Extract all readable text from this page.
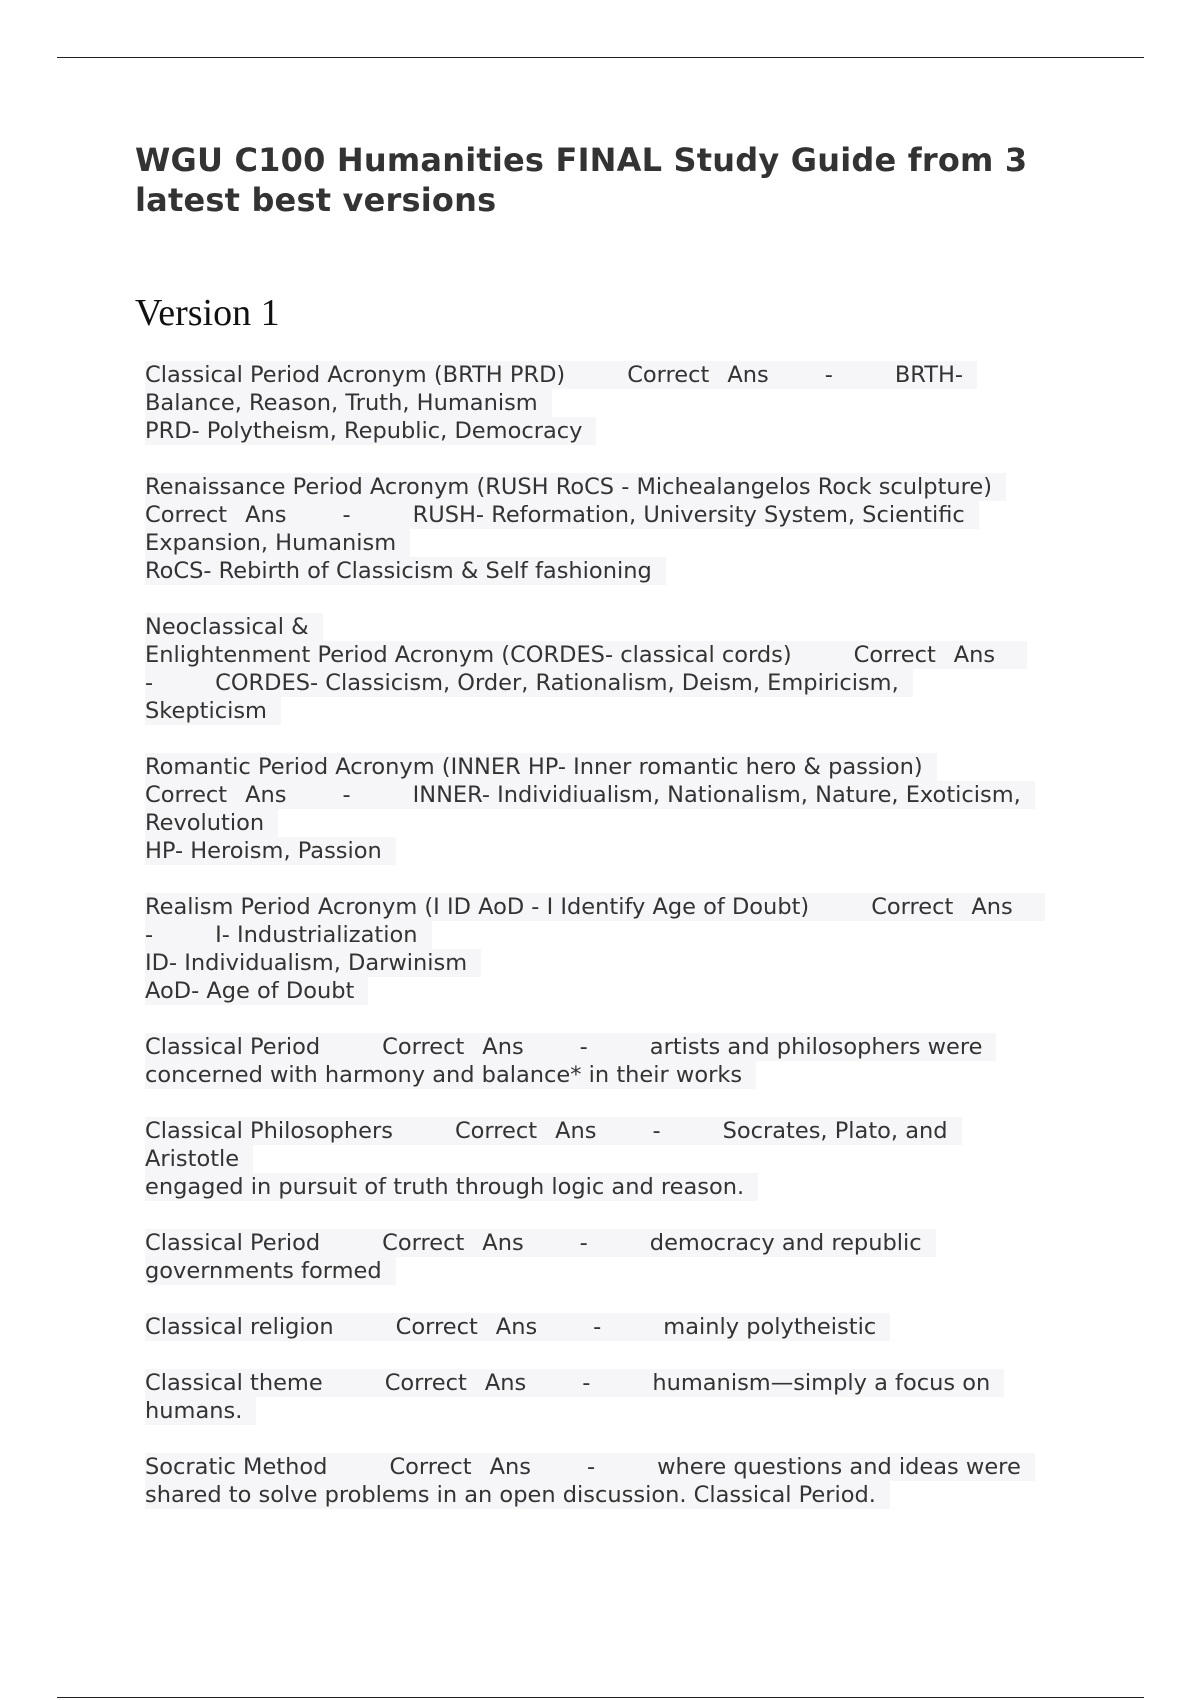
WGU C100 Humanities FINAL Study Guide from 3 latest best versions
Version 1
Classical Period Acronym (BRTH PRD)	Correct Ans -	BRTH-
Balance, Reason, Truth, Humanism
PRD- Polytheism, Republic, Democracy
Renaissance Period Acronym (RUSH RoCS - Michealangelos Rock sculpture)
Correct Ans -	RUSH- Reformation, University System, Scientific
Expansion, Humanism
RoCS- Rebirth of Classicism & Self fashioning
Neoclassical &
Enlightenment Period Acronym (CORDES- classical cords)	Correct Ans
-	CORDES- Classicism, Order, Rationalism, Deism, Empiricism,
Skepticism
Romantic Period Acronym (INNER HP- Inner romantic hero & passion)
Correct Ans -	INNER- Individiualism, Nationalism, Nature, Exoticism,
Revolution
HP- Heroism, Passion
Realism Period Acronym (I ID AoD - I Identify Age of Doubt)	Correct Ans
-	I- Industrialization
ID- Individualism, Darwinism
AoD- Age of Doubt
Classical Period	Correct Ans -	artists and philosophers were
concerned with harmony and balance* in their works
Classical Philosophers	Correct Ans -	Socrates, Plato, and
Aristotle
engaged in pursuit of truth through logic and reason.
Classical Period	Correct Ans -	democracy and republic
governments formed
Classical religion	Correct Ans -	mainly polytheistic
Classical theme	Correct Ans -	humanism—simply a focus on
humans.
Socratic Method	Correct Ans -	where questions and ideas were
shared to solve problems in an open discussion. Classical Period.
